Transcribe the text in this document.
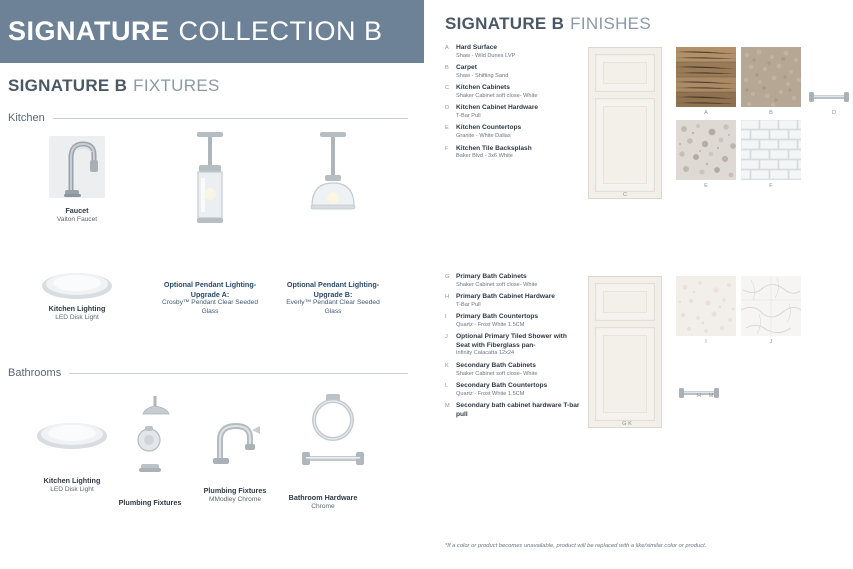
SIGNATURE COLLECTION B
SIGNATURE B FIXTURES
Kitchen
Faucet
Valton Faucet
Kitchen Lighting
LED Disk Light
Optional Pendant Lighting- Upgrade A:
Crosby™ Pendant Clear Seeded Glass
Optional Pendant Lighting- Upgrade B:
Everly™ Pendant Clear Seeded Glass
Bathrooms
Kitchen Lighting
LED Disk Light
Plumbing Fixtures
Plumbing Fixtures
MModley Chrome	Bathroom Hardware
Chrome
SIGNATURE B FINISHES
A	Hard Surface
Shaw - Wild Dunes LVP
B	Carpet
Shaw - Shifting Sand
C	Kitchen Cabinets
Shaker Cabinet soft close- White
D	Kitchen Cabinet Hardware
T-Bar Pull
E	Kitchen Countertops
Granite - White Dallas
F	Kitchen Tile Backsplash
Baker Blvd - 3x6 White
C
A	B	D
E	F
G	Primary Bath Cabinets
Shaker Cabinet soft close- White
H	Primary Bath Cabinet Hardware
T-Bar Pull
I	Primary Bath Countertops
Quartz - Frost White 1.5CM
J	Optional Primary Tiled Shower with Seat with Fiberglass pan-
Infinity Calacatta 12x24
K	Secondary Bath Cabinets
Shaker Cabinet soft close- White
L	Secondary Bath Countertops
Quartz - Frost White 1.5CM
M Secondary bath cabinet hardware T-bar pull
G K
I	J
H	M
*If a color or product becomes unavailable, product will be replaced with a like/similar color or product.
